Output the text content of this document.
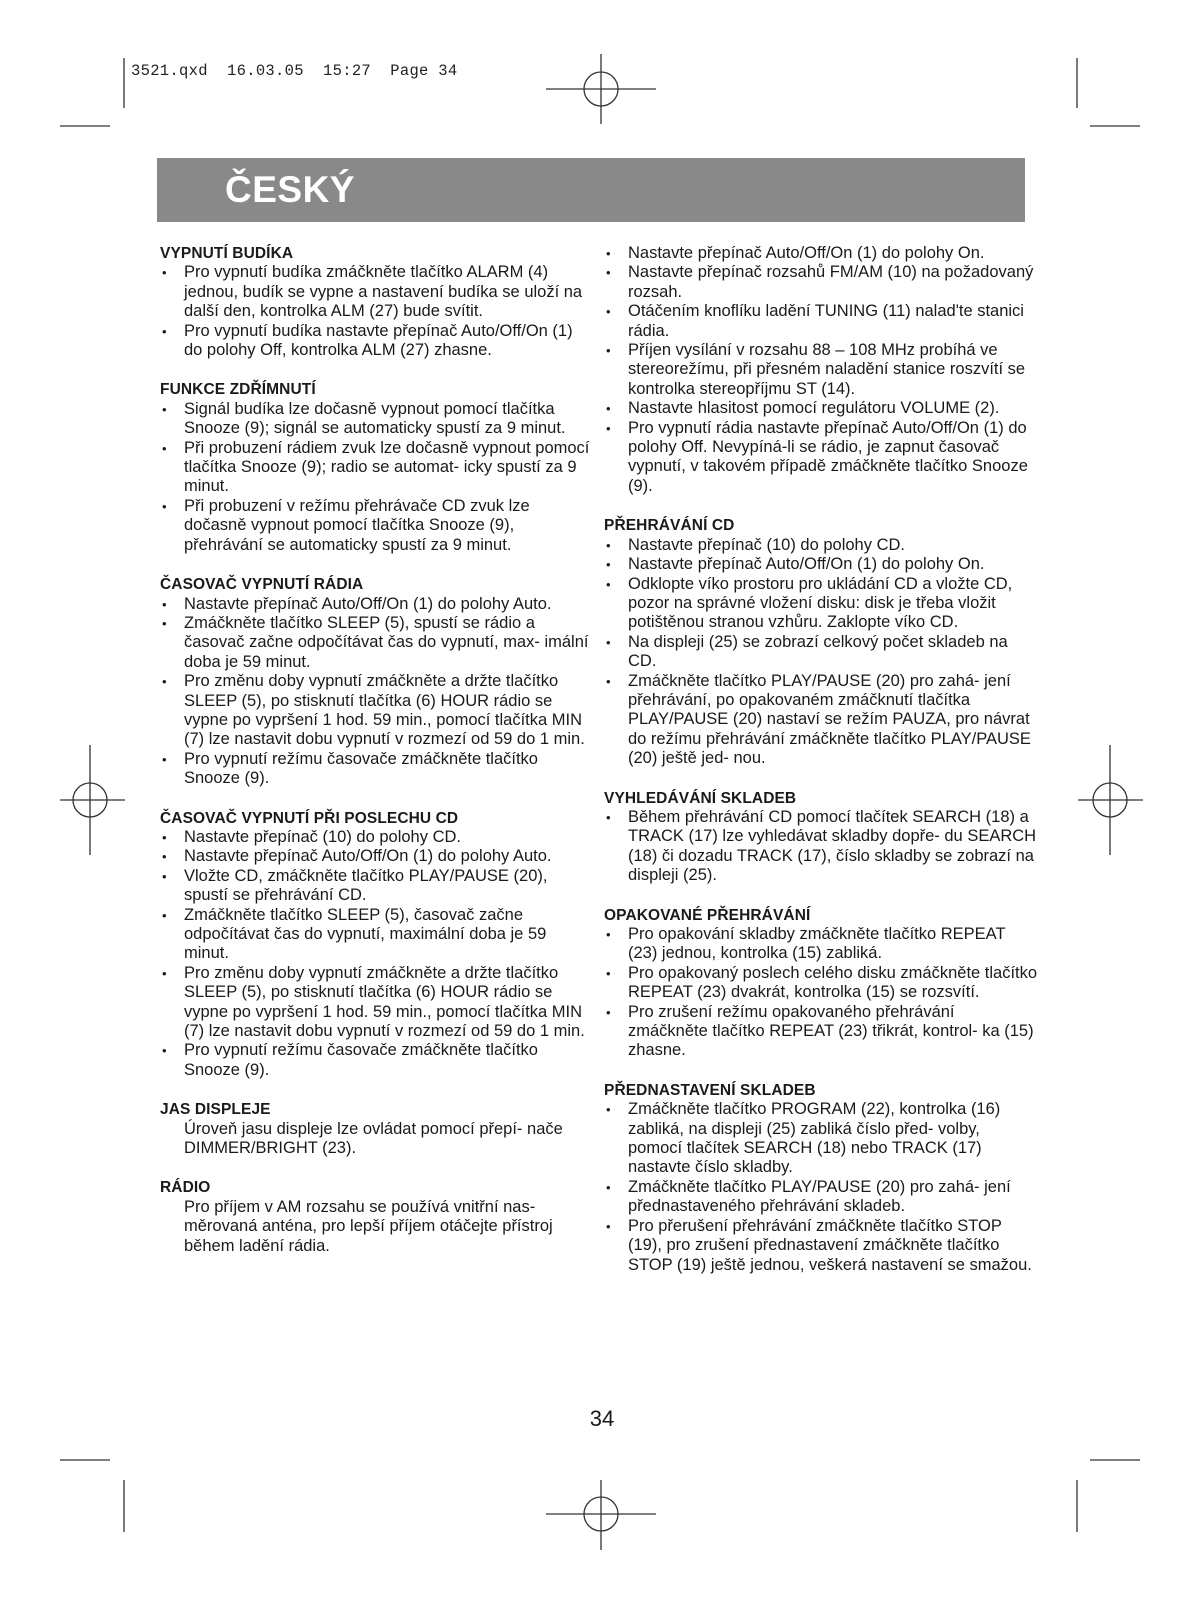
3521.qxd  16.03.05  15:27  Page 34
ČESKÝ
VYPNUTÍ BUDÍKA
• Pro vypnutí budíka zmáčkněte tlačítko ALARM (4) jednou, budík se vypne a nastavení budíka se uloží na další den, kontrolka ALM (27) bude svítit.
• Pro vypnutí budíka nastavte přepínač Auto/Off/On (1) do polohy Off, kontrolka ALM (27) zhasne.
FUNKCE ZDŘÍMNUTÍ
• Signál budíka lze dočasně vypnout pomocí tlačítka Snooze (9); signál se automaticky spustí za 9 minut.
• Při probuzení rádiem zvuk lze dočasně vypnout pomocí tlačítka Snooze (9); radio se automat- icky spustí za 9 minut.
• Při probuzení v režímu přehrávače CD zvuk lze dočasně vypnout pomocí tlačítka Snooze (9), přehrávání se automaticky spustí za 9 minut.
ČASOVAČ VYPNUTÍ RÁDIA
• Nastavte přepínač Auto/Off/On (1) do polohy Auto.
• Zmáčkněte tlačítko SLEEP (5), spustí se rádio a časovač začne odpočítávat čas do vypnutí, max- imální doba je 59 minut.
• Pro změnu doby vypnutí zmáčkněte a držte tlačítko SLEEP (5), po stisknutí tlačítka (6) HOUR rádio se vypne po vypršení 1 hod. 59 min., pomocí tlačítka MIN (7) lze nastavit dobu vypnutí v rozmezí od 59 do 1 min.
• Pro vypnutí režímu časovače zmáčkněte tlačítko Snooze (9).
ČASOVAČ VYPNUTÍ PŘI POSLECHU CD
• Nastavte přepínač (10) do polohy CD.
• Nastavte přepínač Auto/Off/On (1) do polohy Auto.
• Vložte CD, zmáčkněte tlačítko PLAY/PAUSE (20), spustí se přehrávání CD.
• Zmáčkněte tlačítko SLEEP (5), časovač začne odpočítávat čas do vypnutí, maximální doba je 59 minut.
• Pro změnu doby vypnutí zmáčkněte a držte tlačítko SLEEP (5), po stisknutí tlačítka (6) HOUR rádio se vypne po vypršení 1 hod. 59 min., pomocí tlačítka MIN (7) lze nastavit dobu vypnutí v rozmezí od 59 do 1 min.
• Pro vypnutí režímu časovače zmáčkněte tlačítko Snooze (9).
JAS DISPLEJE

Úroveň jasu displeje lze ovládat pomocí přepí- nače DIMMER/BRIGHT (23).

RÁDIO

Pro příjem v AM rozsahu se používá vnitřní nas- měrovaná anténa, pro lepší příjem otáčejte přístroj během ladění rádia.

• Nastavte přepínač Auto/Off/On (1) do polohy On.
• Nastavte přepínač rozsahů FM/AM (10) na požadovaný rozsah.
• Otáčením knoflíku ladění TUNING (11) nalad'te stanici rádia.
• Příjen vysílání v rozsahu 88 – 108 MHz probíhá ve stereorežímu, při přesném naladění stanice roszvítí se kontrolka stereopříjmu ST (14).
• Nastavte hlasitost pomocí regulátoru VOLUME (2).
• Pro vypnutí rádia nastavte přepínač Auto/Off/On (1) do polohy Off. Nevypíná-li se rádio, je zapnut časovač vypnutí, v takovém případě zmáčkněte tlačítko Snooze (9).
PŘEHRÁVÁNÍ CD
• Nastavte přepínač (10) do polohy CD.
• Nastavte přepínač Auto/Off/On (1) do polohy On.
• Odklopte víko prostoru pro ukládání CD a vložte CD, pozor na správné vložení disku: disk je třeba vložit potištěnou stranou vzhůru. Zaklopte víko CD.
• Na displeji (25) se zobrazí celkový počet skladeb na CD.
• Zmáčkněte tlačítko PLAY/PAUSE (20) pro zahá- jení přehrávání, po opakovaném zmáčknutí tlačítka PLAY/PAUSE (20) nastaví se režím PAUZA, pro návrat do režímu přehrávání zmáčkněte tlačítko PLAY/PAUSE (20) ještě jed- nou.
VYHLEDÁVÁNÍ SKLADEB
• Během přehrávání CD pomocí tlačítek SEARCH (18) a TRACK (17) lze vyhledávat skladby dopře- du SEARCH (18) či dozadu TRACK (17), číslo skladby se zobrazí na displeji (25).
OPAKOVANÉ PŘEHRÁVÁNÍ
• Pro opakování skladby zmáčkněte tlačítko REPEAT (23) jednou, kontrolka (15) zabliká.
• Pro opakovaný poslech celého disku zmáčkněte tlačítko REPEAT (23) dvakrát, kontrolka (15) se rozsvítí.
• Pro zrušení režímu opakovaného přehrávání zmáčkněte tlačítko REPEAT (23) třikrát, kontrol- ka (15) zhasne.
PŘEDNASTAVENÍ SKLADEB
• Zmáčkněte tlačítko PROGRAM (22), kontrolka (16) zabliká, na displeji (25) zabliká číslo před- volby, pomocí tlačítek SEARCH (18) nebo TRACK (17) nastavte číslo skladby.
• Zmáčkněte tlačítko PLAY/PAUSE (20) pro zahá- jení přednastaveného přehrávání skladeb.
• Pro přerušení přehrávání zmáčkněte tlačítko STOP (19), pro zrušení přednastavení zmáčkněte tlačítko STOP (19) ještě jednou, veškerá nastavení se smažou.
34
